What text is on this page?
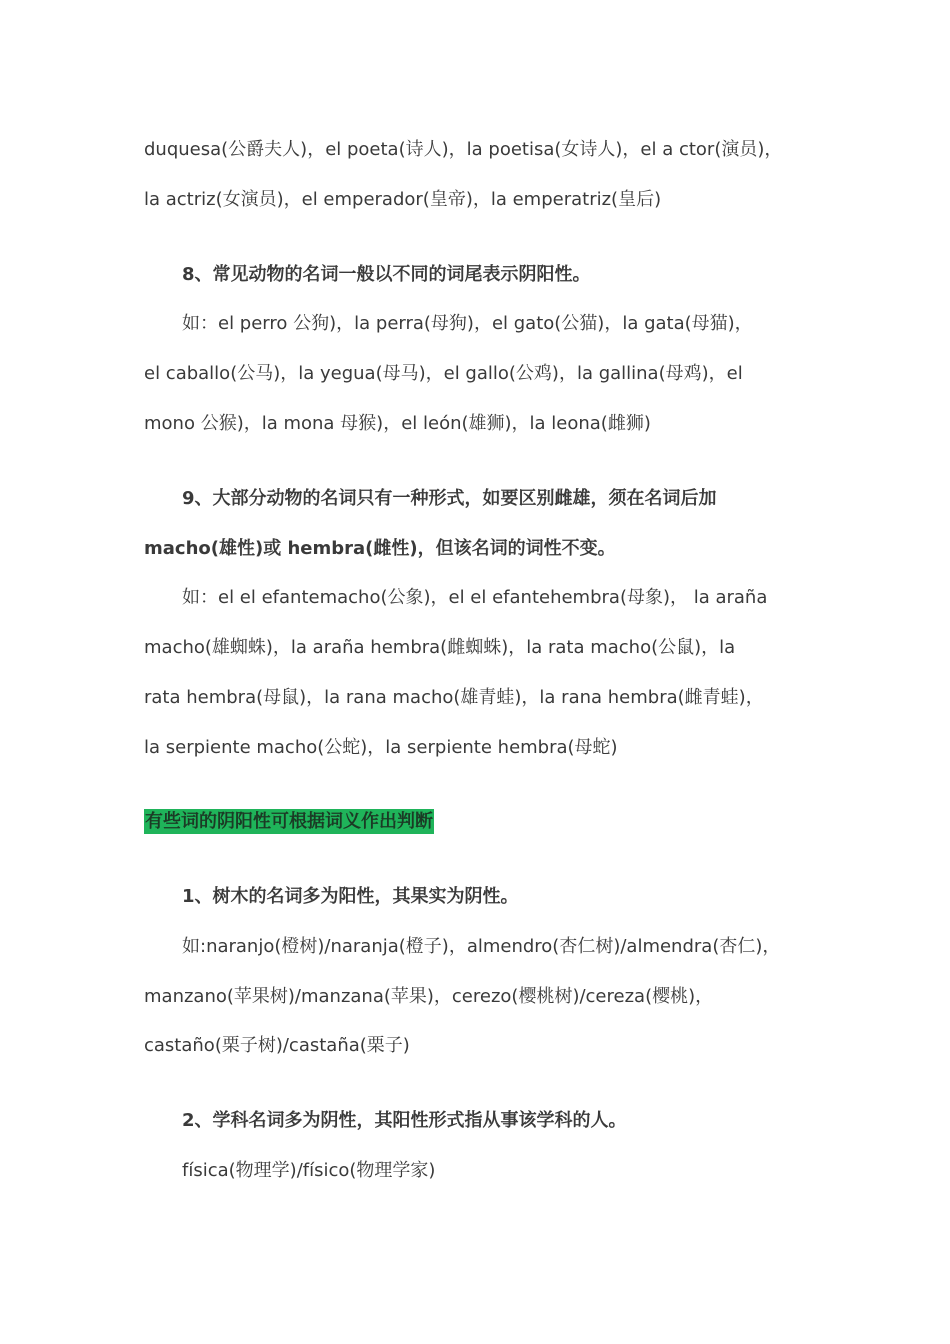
duquesa(公爵夫人)，el poeta(诗人)，la poetisa(女诗人)，el a ctor(演员)，
la actriz(女演员)，el emperador(皇帝)，la emperatriz(皇后)
8、常见动物的名词一般以不同的词尾表示阴阳性。
如：el perro 公狗)，la perra(母狗)，el gato(公猫)，la gata(母猫)，
el caballo(公马)，la yegua(母马)，el gallo(公鸡)，la gallina(母鸡)，el
mono 公猴)，la mona 母猴)，el león(雄狮)，la leona(雌狮)
9、大部分动物的名词只有一种形式，如要区别雌雄，须在名词后加
macho(雄性)或 hembra(雌性)，但该名词的词性不变。
如：el el efantemacho(公象)，el el efantehembra(母象)， la araña
macho(雄蜘蛛)，la araña hembra(雌蜘蛛)，la rata macho(公鼠)，la
rata hembra(母鼠)，la rana macho(雄青蛙)，la rana hembra(雌青蛙)，
la serpiente macho(公蛇)，la serpiente hembra(母蛇)
有些词的阴阳性可根据词义作出判断
1、树木的名词多为阳性，其果实为阴性。
如:naranjo(橙树)/naranja(橙子)，almendro(杏仁树)/almendra(杏仁)，
manzano(苹果树)/manzana(苹果)，cerezo(樱桃树)/cereza(樱桃)，
castaño(栗子树)/castaña(栗子)
2、学科名词多为阴性，其阳性形式指从事该学科的人。
física(物理学)/físico(物理学家)
